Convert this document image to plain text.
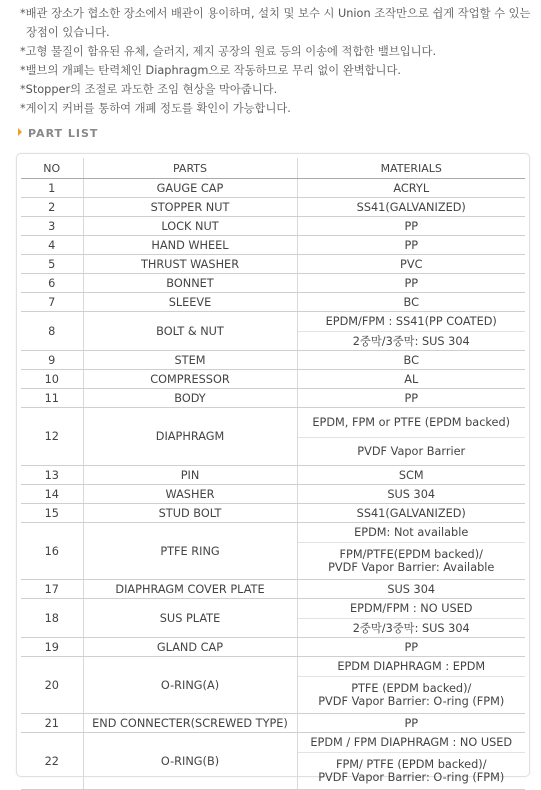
*배관 장소가 협소한 장소에서 배관이 용이하며, 설치 및 보수 시 Union 조작만으로 쉽게 작업할 수 있는

장점이 있습니다.

*고형 물질이 함유된 유체, 슬러지, 제지 공장의 원료 등의 이송에 적합한 밸브입니다.

*밸브의 개폐는 탄력체인 Diaphragm으로 작동하므로 무리 없이 완벽합니다.

*Stopper의 조절로 과도한 조임 현상을 막아줍니다.

*게이지 커버를 통하여 개폐 정도를 확인이 가능합니다.

PART LIST
NO	PARTS	MATERIALS
1	GAUGE CAP	ACRYL
2	STOPPER NUT	SS41(GALVANIZED)
3	LOCK NUT	PP
4	HAND WHEEL	PP
5	THRUST WASHER	PVC
6	BONNET	PP
7	SLEEVE	BC
8	BOLT & NUT	EPDM/FPM : SS41(PP COATED)
		2중막/3중막: SUS 304
9	STEM	BC
10	COMPRESSOR	AL
11	BODY	PP
12	DIAPHRAGM	EPDM, FPM or PTFE (EPDM backed)
		PVDF Vapor Barrier
13	PIN	SCM
14	WASHER	SUS 304
15	STUD BOLT	SS41(GALVANIZED)
16	PTFE RING	EPDM: Not available
		FPM/PTFE(EPDM backed)/
PVDF Vapor Barrier: Available
17	DIAPHRAGM COVER PLATE	SUS 304
18	SUS PLATE	EPDM/FPM : NO USED
		2중막/3중막: SUS 304
19	GLAND CAP	PP
20	O-RING(A)	EPDM DIAPHRAGM : EPDM
		PTFE (EPDM backed)/
PVDF Vapor Barrier: O-ring (FPM)
21	END CONNECTER(SCREWED TYPE)	PP
22	O-RING(B)	EPDM / FPM DIAPHRAGM : NO USED
		FPM/ PTFE (EPDM backed)/
PVDF Vapor Barrier: O-ring (FPM)
